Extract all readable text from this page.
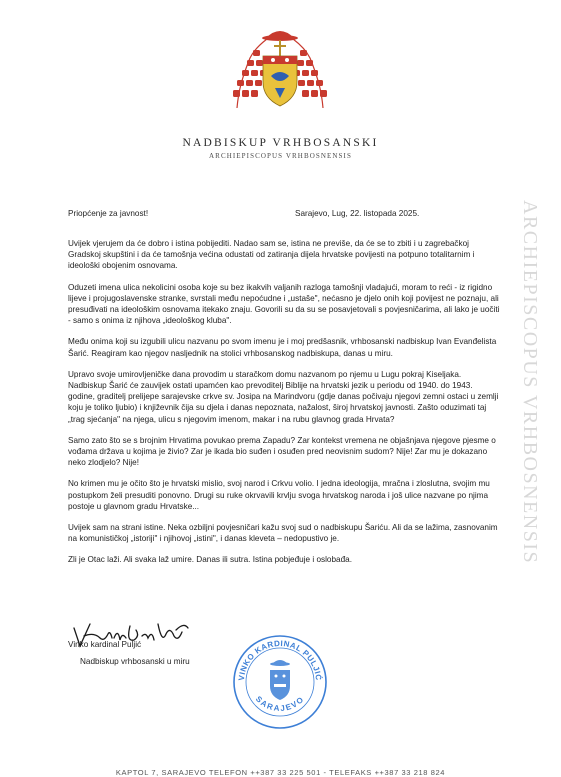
NADBISKUP VRHBOSANSKI
ARCHIEPISCOPUS VRHBOSNENSIS
ARCHIEPISCOPUS VRHBOSNENSIS
Priopćenje za javnost!	Sarajevo, Lug, 22. listopada 2025.

Uvijek vjerujem da će dobro i istina pobijediti. Nadao sam se, istina ne previše, da će se to zbiti i u zagrebačkoj Gradskoj skupštini i da će tamošnja većina odustati od zatiranja dijela hrvatske povijesti na potpuno totalitarnim i ideološki obojenim osnovama.

Oduzeti imena ulica nekolicini osoba koje su bez ikakvih valjanih razloga tamošnji vladajući, moram to reći - iz rigidno lijeve i projugoslavenske stranke, svrstali među nepoćudne i „ustaše", nećasno je djelo onih koji povijest ne poznaju, ali presuđivati na ideološkim osnovama itekako znaju. Govorili su da su se posavjetovali s povjesničarima, ali lako je uočiti - samo s onima iz njihova „ideološkog kluba".

Među onima koji su izgubili ulicu nazvanu po svom imenu je i moj predšasnik, vrhbosanski nadbiskup Ivan Evanđelista Šarić. Reagiram kao njegov nasljednik na stolici vrhbosanskog nadbiskupa, danas u miru.

Upravo svoje umirovljeničke dana provodim u staračkom domu nazvanom po njemu u Lugu pokraj Kiseljaka. Nadbiskup Šarić će zauvijek ostati upamćen kao prevoditelj Biblije na hrvatski jezik u periodu od 1940. do 1943. godine, graditelj prelijepe sarajevske crkve sv. Josipa na Marindvoru (gdje danas počivaju njegovi zemni ostaci u zemlji koju je toliko ljubio) i književnik čija su djela i danas nepoznata, nažalost, široj hrvatskoj javnosti. Zašto oduzimati taj „trag sjećanja" na njega, ulicu s njegovim imenom, makar i na rubu glavnog grada Hrvata?

Samo zato što se s brojnim Hrvatima povukao prema Zapadu? Zar kontekst vremena ne objašnjava njegove pjesme o vođama država u kojima je živio? Zar je ikada bio suđen i osuđen pred neovisnim sudom? Nije! Zar mu je dokazano neko zlodjelo? Nije!

No krimen mu je očito što je hrvatski mislio, svoj narod i Crkvu volio. I jedna ideologija, mračna i zloslutna, svojim mu postupkom želi presuditi ponovno. Drugi su ruke okrvavili krvlju svoga hrvatskog naroda i još ulice nazvane po njima postoje u glavnom gradu Hrvatske...

Uvijek sam na strani istine. Neka ozbiljni povjesničari kažu svoj sud o nadbiskupu Šariću. Ali da se lažima, zasnovanim na komunističkoj „istoriji" i njihovoj „istini", i danas kleveta – nedopustivo je.

Zli je Otac laži. Ali svaka laž umire. Danas ili sutra. Istina pobjeđuje i oslobađa.

Vinko kardinal Puljić
Nadbiskup vrhbosanski u miru
VINKO KARDINAL PULJIĆ
SARAJEVO
KAPTOL 7, SARAJEVO TELEFON ++387 33 225 501 - TELEFAKS ++387 33 218 824
